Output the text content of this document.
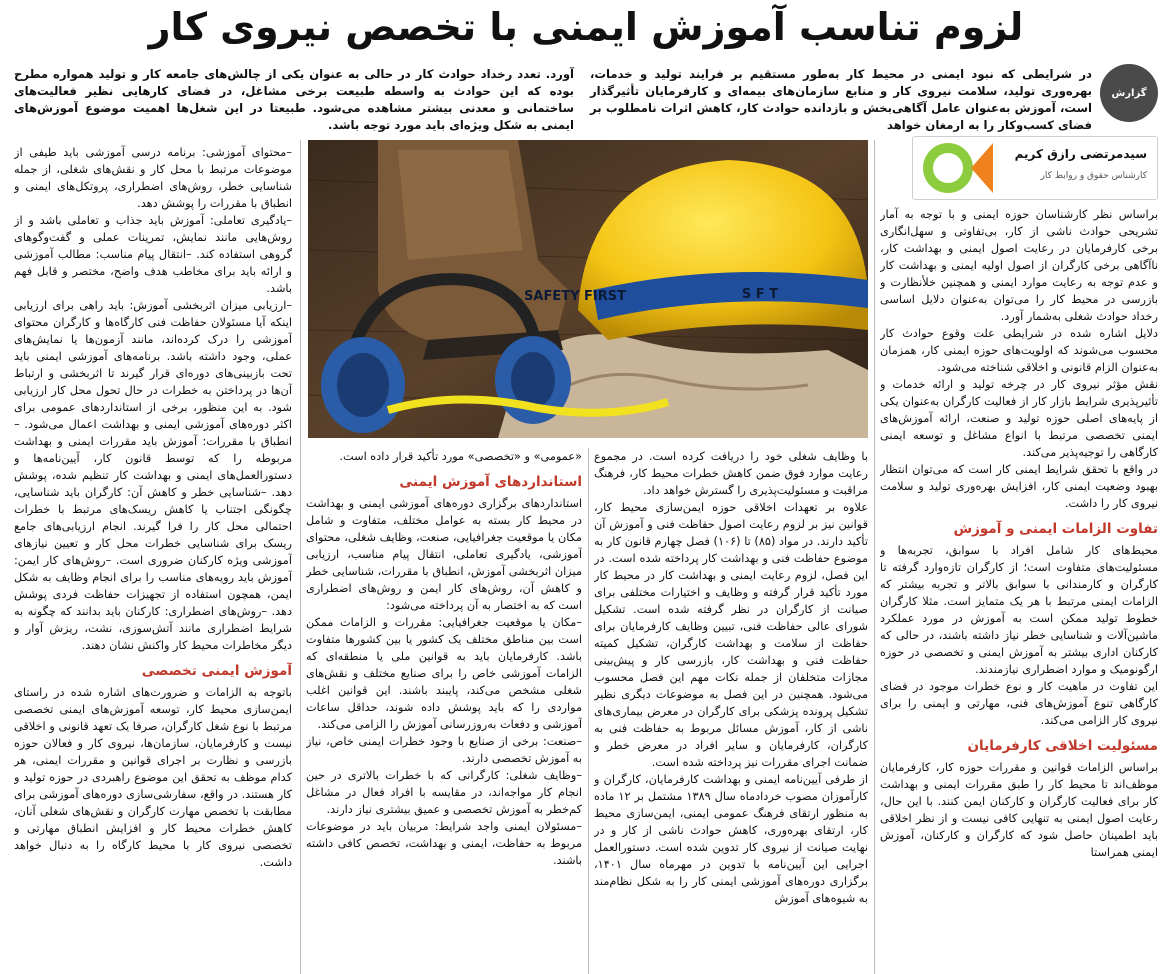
لزوم تناسب آموزش ایمنی با تخصص نیروی کار
گزارش
در شرایطی که نبود ایمنی در محیط کار به‌طور مستقیم بر فرایند تولید و خدمات، بهره‌وری تولید، سلامت نیروی کار و منابع سازمان‌های بیمه‌ای و کارفرمایان تأثیرگذار است، آموزش به‌عنوان عامل آگاهی‌بخش و بازدانده حوادث کار، کاهش اثرات نامطلوب بر فضای کسب‌وکار را به ارمغان خواهد
آورد. تعدد رخداد حوادث کار در حالی به عنوان یکی از چالش‌های جامعه کار و تولید همواره مطرح بوده که این حوادث به واسطه طبیعت برخی مشاغل، در فضای کارهایی نظیر فعالیت‌های ساختمانی و معدنی بیشتر مشاهده می‌شود. طبیعتا در این شغل‌ها اهمیت موضوع آموزش‌های ایمنی به شکل ویژه‌ای باید مورد توجه باشد.
سیدمرتضی رازق کریم
کارشناس حقوق و روابط کار
SAFETY FIRST	S F T

براساس نظر کارشناسان حوزه ایمنی و با توجه به آمار تشریحی حوادث ناشی از کار، بی‌تفاوتی و سهل‌انگاری برخی کارفرمایان در رعایت اصول ایمنی و بهداشت کار، ناآگاهی برخی کارگران از اصول اولیه ایمنی و بهداشت کار و عدم توجه به رعایت موارد ایمنی و همچنین خلأنظارت و بازرسی در محیط کار را می‌توان به‌عنوان دلایل اساسی رخداد حوادث شغلی به‌شمار آورد.

دلایل اشاره شده در شرایطی علت وقوع حوادث کار محسوب می‌شوند که اولویت‌های حوزه ایمنی کار، همزمان به‌عنوان الزام قانونی و اخلاقی شناخته می‌شود.

نقش مؤثر نیروی کار در چرخه تولید و ارائه خدمات و تأثیرپذیری شرایط بازار کار از فعالیت کارگران به‌عنوان یکی از پایه‌های اصلی حوزه تولید و صنعت، ارائه آموزش‌های ایمنی تخصصی مرتبط با انواع مشاغل و توسعه ایمنی کارگاهی را توجیه‌پذیر می‌کند.

در واقع با تحقق شرایط ایمنی کار است که می‌توان انتظار بهبود وضعیت ایمنی کار، افزایش بهره‌وری تولید و سلامت نیروی کار را داشت.

تفاوت الزامات ایمنی و آموزش

محیط‌های کار شامل افراد با سوابق، تجربه‌ها و مسئولیت‌های متفاوت است؛ از کارگران تازه‌وارد گرفته تا کارگران و کارمندانی با سوابق بالاتر و تجربه بیشتر که الزامات ایمنی مرتبط با هر یک متمایز است. مثلا کارگران خطوط تولید ممکن است به آموزش در مورد عملکرد ماشین‌آلات و شناسایی خطر نیاز داشته باشند، در حالی که کارکنان اداری بیشتر به آموزش ایمنی و تخصصی در حوزه ارگونومیک و موارد اضطراری نیازمندند.

این تفاوت در ماهیت کار و نوع خطرات موجود در فضای کارگاهی تنوع آموزش‌های فنی، مهارتی و ایمنی را برای نیروی کار الزامی می‌کند.

مسئولیت اخلاقی کارفرمایان

براساس الزامات قوانین و مقررات حوزه کار، کارفرمایان موظف‌اند تا محیط کار را طبق مقررات ایمنی و بهداشت کار برای فعالیت کارگران و کارکنان ایمن کنند. با این حال، رعایت اصول ایمنی به تنهایی کافی نیست و از نظر اخلاقی باید اطمینان حاصل شود که کارگران و کارکنان، آموزش ایمنی همراستا

با وظایف شغلی خود را دریافت کرده است. در مجموع رعایت موارد فوق ضمن کاهش خطرات محیط کار، فرهنگ مراقبت و مسئولیت‌پذیری را گسترش خواهد داد.

علاوه بر تعهدات اخلاقی حوزه ایمن‌سازی محیط کار، قوانین نیز بر لزوم رعایت اصول حفاظت فنی و آموزش آن تأکید دارند. در مواد (۸۵) تا (۱۰۶) فصل چهارم قانون کار به موضوع حفاظت فنی و بهداشت کار پرداخته شده است. در این فصل، لزوم رعایت ایمنی و بهداشت کار در محیط کار مورد تأکید قرار گرفته و وظایف و اختیارات مختلفی برای صیانت از کارگران در نظر گرفته شده است. تشکیل شورای عالی حفاظت فنی، تبیین وظایف کارفرمایان برای حفاظت از سلامت و بهداشت کارگران، تشکیل کمیته حفاظت فنی و بهداشت کار، بازرسی کار و پیش‌بینی مجازات متخلفان از جمله نکات مهم این فصل محسوب می‌شود. همچنین در این فصل به موضوعات دیگری نظیر تشکیل پرونده پزشکی برای کارگران در معرض بیماری‌های ناشی از کار، آموزش مسائل مربوط به حفاظت فنی به کارگران، کارفرمایان و سایر افراد در معرض خطر و ضمانت اجرای مقررات نیز پرداخته شده است.

از طرفی آیین‌نامه ایمنی و بهداشت کارفرمایان، کارگران و کارآموزان مصوب خردادماه سال ۱۳۸۹ مشتمل بر ۱۲ ماده به منظور ارتقای فرهنگ عمومی ایمنی، ایمن‌سازی محیط کار، ارتقای بهره‌وری، کاهش حوادث ناشی از کار و در نهایت صیانت از نیروی کار تدوین شده است. دستورالعمل اجرایی این آیین‌نامه با تدوین در مهرماه سال ۱۴۰۱، برگزاری دوره‌های آموزشی ایمنی کار را به شکل نظام‌مند به شیوه‌های آموزش

«عمومی» و «تخصصی» مورد تأکید قرار داده است.

استانداردهای آموزش ایمنی

استانداردهای برگزاری دوره‌های آموزشی ایمنی و بهداشت در محیط کار بسته به عوامل مختلف، متفاوت و شامل مکان یا موقعیت جغرافیایی، صنعت، وظایف شغلی، محتوای آموزشی، یادگیری تعاملی، انتقال پیام مناسب، ارزیابی میزان اثربخشی آموزش، انطباق با مقررات، شناسایی خطر و کاهش آن، روش‌های کار ایمن و روش‌های اضطراری است که به اختصار به آن پرداخته می‌شود:

–مکان یا موقعیت جغرافیایی: مقررات و الزامات ممکن است بین مناطق مختلف یک کشور یا بین کشورها متفاوت باشد. کارفرمایان باید به قوانین ملی یا منطقه‌ای که الزامات آموزشی خاص را برای صنایع مختلف و نقش‌های شغلی مشخص می‌کند، پایبند باشند. این قوانین اغلب مواردی را که باید پوشش داده شوند، حداقل ساعات آموزشی و دفعات به‌روزرسانی آموزش را الزامی می‌کند.

–صنعت: برخی از صنایع با وجود خطرات ایمنی خاص، نیاز به آموزش تخصصی دارند.

–وظایف شغلی: کارگرانی که با خطرات بالاتری در حین انجام کار مواجه‌اند، در مقایسه با افراد فعال در مشاغل کم‌خطر به آموزش تخصصی و عمیق بیشتری نیاز دارند.

–مسئولان ایمنی واجد شرایط: مربیان باید در موضوعات مربوط به حفاظت، ایمنی و بهداشت، تخصص کافی داشته باشند.

–محتوای آموزشی: برنامه درسی آموزشی باید طیفی از موضوعات مرتبط با محل کار و نقش‌های شغلی، از جمله شناسایی خطر، روش‌های اضطراری، پروتکل‌های ایمنی و انطباق با مقررات را پوشش دهد.

–یادگیری تعاملی: آموزش باید جذاب و تعاملی باشد و از روش‌هایی مانند نمایش، تمرینات عملی و گفت‌وگوهای گروهی استفاده کند. –انتقال پیام مناسب: مطالب آموزشی و ارائه باید برای مخاطب هدف واضح، مختصر و قابل فهم باشد.

–ارزیابی میزان اثربخشی آموزش: باید راهی برای ارزیابی اینکه آیا مسئولان حفاظت فنی کارگاه‌ها و کارگران محتوای آموزشی را درک کرده‌اند، مانند آزمون‌ها یا نمایش‌های عملی، وجود داشته باشد. برنامه‌های آموزشی ایمنی باید تحت بازبینی‌های دوره‌ای قرار گیرند تا اثربخشی و ارتباط آن‌ها در پرداختن به خطرات در حال تحول محل کار ارزیابی شود. به این منظور، برخی از استانداردهای عمومی برای اکثر دوره‌های آموزشی ایمنی و بهداشت اعمال می‌شود. –انطباق با مقررات: آموزش باید مقررات ایمنی و بهداشت مربوطه را که توسط قانون کار، آیین‌نامه‌ها و دستورالعمل‌های ایمنی و بهداشت کار تنظیم شده، پوشش دهد. –شناسایی خطر و کاهش آن: کارگران باید شناسایی، چگونگی اجتناب یا کاهش ریسک‌های مرتبط با خطرات احتمالی محل کار را فرا گیرند. انجام ارزیابی‌های جامع ریسک برای شناسایی خطرات محل کار و تعیین نیازهای آموزشی ویژه کارکنان ضروری است. –روش‌های کار ایمن: آموزش باید رویه‌های مناسب را برای انجام وظایف به شکل ایمن، همچون استفاده از تجهیزات حفاظت فردی پوشش دهد. –روش‌های اضطراری: کارکنان باید بدانند که چگونه به شرایط اضطراری مانند آتش‌سوزی، نشت، ریزش آوار و دیگر مخاطرات محیط کار واکنش نشان دهند.

آموزش ایمنی تخصصی

باتوجه به الزامات و ضرورت‌های اشاره شده در راستای ایمن‌سازی محیط کار، توسعه آموزش‌های ایمنی تخصصی مرتبط با نوع شغل کارگران، صرفا یک تعهد قانونی و اخلاقی نیست و کارفرمایان، سازمان‌ها، نیروی کار و فعالان حوزه بازرسی و نظارت بر اجرای قوانین و مقررات ایمنی، هر کدام موظف به تحقق این موضوع راهبردی در حوزه تولید و کار هستند. در واقع، سفارشی‌سازی دوره‌های آموزشی برای مطابقت با تخصص مهارت کارگران و نقش‌های شغلی آنان، کاهش خطرات محیط کار و افزایش انطباق مهارتی و تخصصی نیروی کار با محیط کارگاه را به دنبال خواهد داشت.
